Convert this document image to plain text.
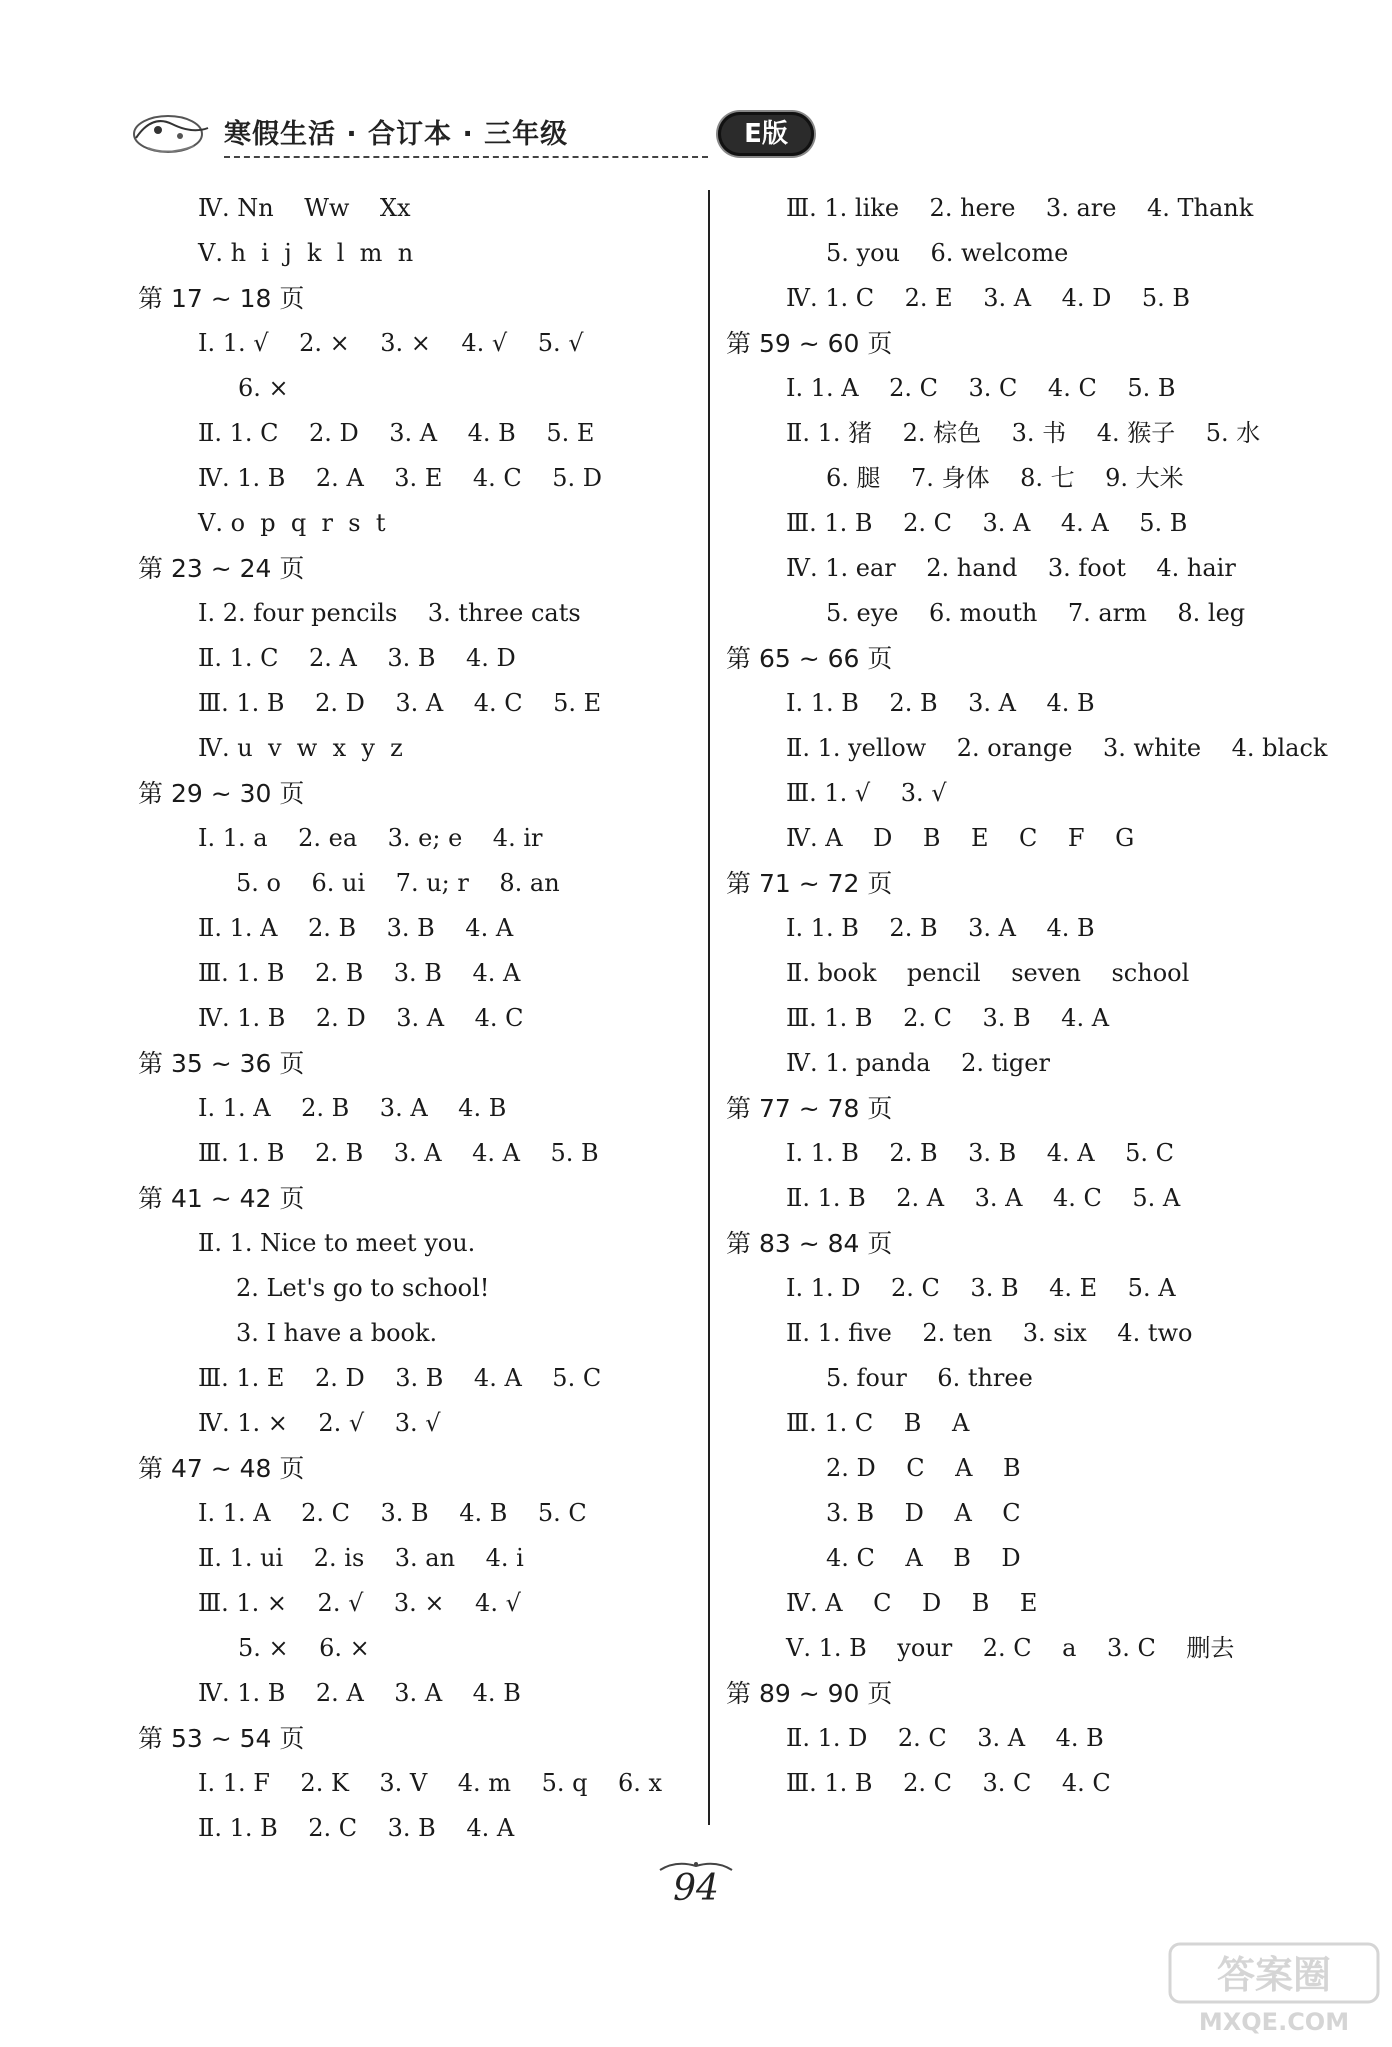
寒假生活 · 合订本 · 三年级	E版
Ⅳ. Nn    Ww    Xx
Ⅴ. h  i  j  k  l  m  n
第 17 ~ 18 页
Ⅰ. 1. √    2. ×    3. ×    4. √    5. √
6. ×
Ⅱ. 1. C    2. D    3. A    4. B    5. E
Ⅳ. 1. B    2. A    3. E    4. C    5. D
Ⅴ. o  p  q  r  s  t
第 23 ~ 24 页
Ⅰ. 2. four pencils    3. three cats
Ⅱ. 1. C    2. A    3. B    4. D
Ⅲ. 1. B    2. D    3. A    4. C    5. E
Ⅳ. u  v  w  x  y  z
第 29 ~ 30 页
Ⅰ. 1. a    2. ea    3. e; e    4. ir
5. o    6. ui    7. u; r    8. an
Ⅱ. 1. A    2. B    3. B    4. A
Ⅲ. 1. B    2. B    3. B    4. A
Ⅳ. 1. B    2. D    3. A    4. C
第 35 ~ 36 页
Ⅰ. 1. A    2. B    3. A    4. B
Ⅲ. 1. B    2. B    3. A    4. A    5. B
第 41 ~ 42 页
Ⅱ. 1. Nice to meet you.
2. Let's go to school!
3. I have a book.
Ⅲ. 1. E    2. D    3. B    4. A    5. C
Ⅳ. 1. ×    2. √    3. √
第 47 ~ 48 页
Ⅰ. 1. A    2. C    3. B    4. B    5. C
Ⅱ. 1. ui    2. is    3. an    4. i
Ⅲ. 1. ×    2. √    3. ×    4. √
5. ×    6. ×
Ⅳ. 1. B    2. A    3. A    4. B
第 53 ~ 54 页
Ⅰ. 1. F    2. K    3. V    4. m    5. q    6. x
Ⅱ. 1. B    2. C    3. B    4. A
Ⅲ. 1. like    2. here    3. are    4. Thank
5. you    6. welcome
Ⅳ. 1. C    2. E    3. A    4. D    5. B
第 59 ~ 60 页
Ⅰ. 1. A    2. C    3. C    4. C    5. B
Ⅱ. 1. 猪    2. 棕色    3. 书    4. 猴子    5. 水
6. 腿    7. 身体    8. 七    9. 大米
Ⅲ. 1. B    2. C    3. A    4. A    5. B
Ⅳ. 1. ear    2. hand    3. foot    4. hair
5. eye    6. mouth    7. arm    8. leg
第 65 ~ 66 页
Ⅰ. 1. B    2. B    3. A    4. B
Ⅱ. 1. yellow    2. orange    3. white    4. black
Ⅲ. 1. √    3. √
Ⅳ. A    D    B    E    C    F    G
第 71 ~ 72 页
Ⅰ. 1. B    2. B    3. A    4. B
Ⅱ. book    pencil    seven    school
Ⅲ. 1. B    2. C    3. B    4. A
Ⅳ. 1. panda    2. tiger
第 77 ~ 78 页
Ⅰ. 1. B    2. B    3. B    4. A    5. C
Ⅱ. 1. B    2. A    3. A    4. C    5. A
第 83 ~ 84 页
Ⅰ. 1. D    2. C    3. B    4. E    5. A
Ⅱ. 1. five    2. ten    3. six    4. two
5. four    6. three
Ⅲ. 1. C    B    A
2. D    C    A    B
3. B    D    A    C
4. C    A    B    D
Ⅳ. A    C    D    B    E
Ⅴ. 1. B    your    2. C    a    3. C    删去
第 89 ~ 90 页
Ⅱ. 1. D    2. C    3. A    4. B
Ⅲ. 1. B    2. C    3. C    4. C
94
答案圈
MXQE.COM
